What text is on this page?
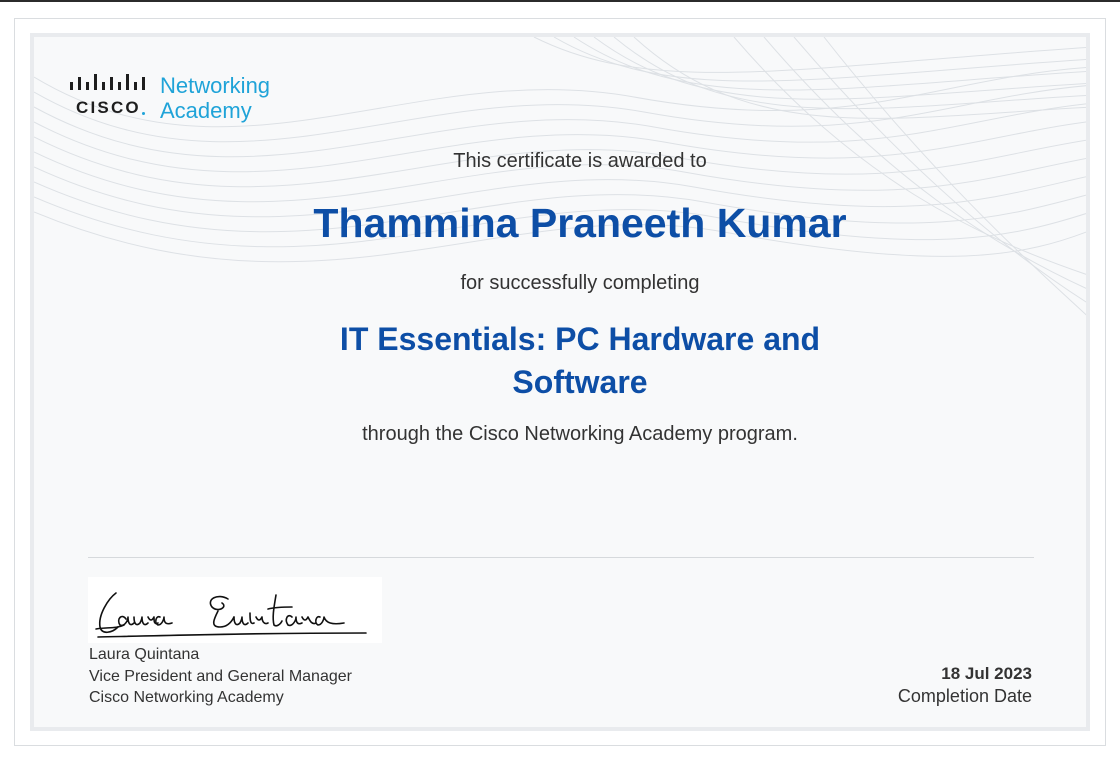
CISCO
Networking
Academy
This certificate is awarded to
Thammina Praneeth Kumar
for successfully completing
IT Essentials: PC Hardware and
Software
through the Cisco Networking Academy program.
Laura Quintana
Vice President and General Manager
Cisco Networking Academy
18 Jul 2023
Completion Date
